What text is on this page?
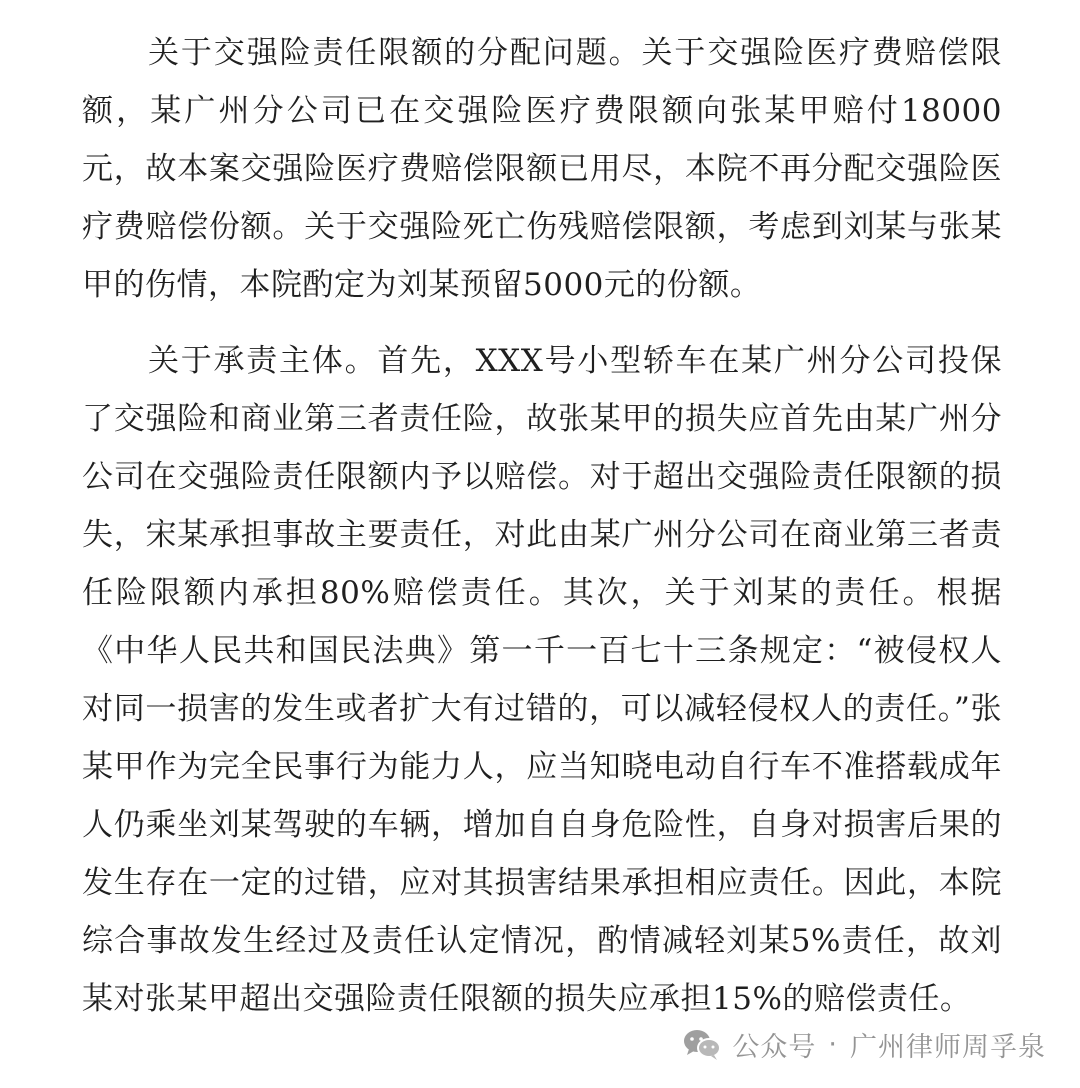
关于交强险责任限额的分配问题。关于交强险医疗费赔偿限额，某广州分公司已在交强险医疗费限额向张某甲赔付18000元，故本案交强险医疗费赔偿限额已用尽，本院不再分配交强险医疗费赔偿份额。关于交强险死亡伤残赔偿限额，考虑到刘某与张某甲的伤情，本院酌定为刘某预留5000元的份额。

关于承责主体。首先，XXX号小型轿车在某广州分公司投保了交强险和商业第三者责任险，故张某甲的损失应首先由某广州分公司在交强险责任限额内予以赔偿。对于超出交强险责任限额的损失，宋某承担事故主要责任，对此由某广州分公司在商业第三者责任险限额内承担80%赔偿责任。其次，关于刘某的责任。根据《中华人民共和国民法典》第一千一百七十三条规定：“被侵权人对同一损害的发生或者扩大有过错的，可以减轻侵权人的责任。”张某甲作为完全民事行为能力人，应当知晓电动自行车不准搭载成年人仍乘坐刘某驾驶的车辆，增加自自身危险性，自身对损害后果的发生存在一定的过错，应对其损害结果承担相应责任。因此，本院综合事故发生经过及责任认定情况，酌情减轻刘某5%责任，故刘某对张某甲超出交强险责任限额的损失应承担15%的赔偿责任。

公众号 · 广州律师周孚泉
